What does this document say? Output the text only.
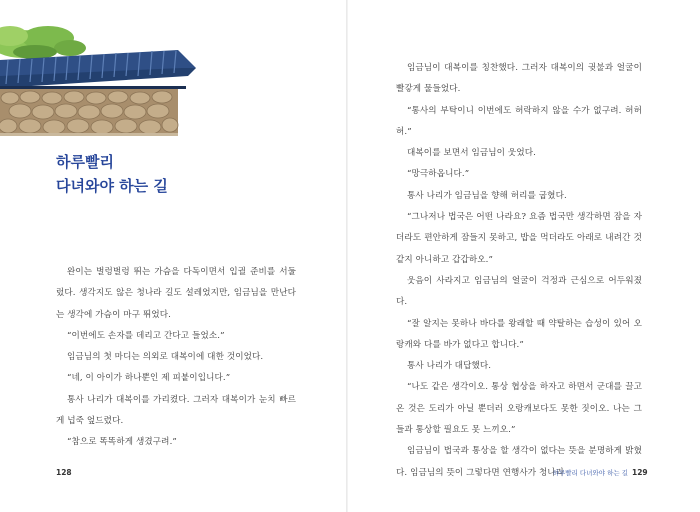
하루빨리
다녀와야 하는 길

완이는 벌렁벌렁 뛰는 가슴을 다독이면서 입궐 준비를 서둘렀다. 생각지도 않은 청나라 길도 설레었지만, 임금님을 만난다는 생각에 가슴이 마구 뛰었다.

“이번에도 손자를 데리고 간다고 들었소.”

임금님의 첫 마디는 의외로 대복이에 대한 것이었다.

“네, 이 아이가 하나뿐인 제 피붙이입니다.”

통사 나리가 대복이를 가리켰다. 그러자 대복이가 눈치 빠르게 넙죽 엎드렸다.

“참으로 똑똑하게 생겼구려.”

128

임금님이 대복이를 칭찬했다. 그러자 대복이의 귓불과 얼굴이 빨갛게 물들었다.

“통사의 부탁이니 이번에도 허락하지 않을 수가 없구려. 허허허.”

대복이를 보면서 임금님이 웃었다.

“망극하옵니다.”

통사 나리가 임금님을 향해 허리를 굽혔다.

“그나저나 법국은 어떤 나라요? 요즘 법국만 생각하면 잠을 자더라도 편안하게 잠들지 못하고, 밥을 먹더라도 아래로 내려간 것 같지 아니하고 갑갑하오.”

웃음이 사라지고 임금님의 얼굴이 걱정과 근심으로 어두워졌다.

“잘 알지는 못하나 바다를 왕래할 때 약탈하는 습성이 있어 오랑캐와 다를 바가 없다고 합니다.”

통사 나리가 대답했다.

“나도 같은 생각이오. 통상 협상을 하자고 하면서 군대를 끌고 온 것은 도리가 아닐 뿐더러 오랑캐보다도 못한 짓이오. 나는 그들과 통상할 필요도 못 느끼오.”

임금님이 법국과 통상을 할 생각이 없다는 뜻을 분명하게 밝혔다. 임금님의 뜻이 그렇다면 연행사가 청나라

하루빨리 다녀와야 하는 길 129
